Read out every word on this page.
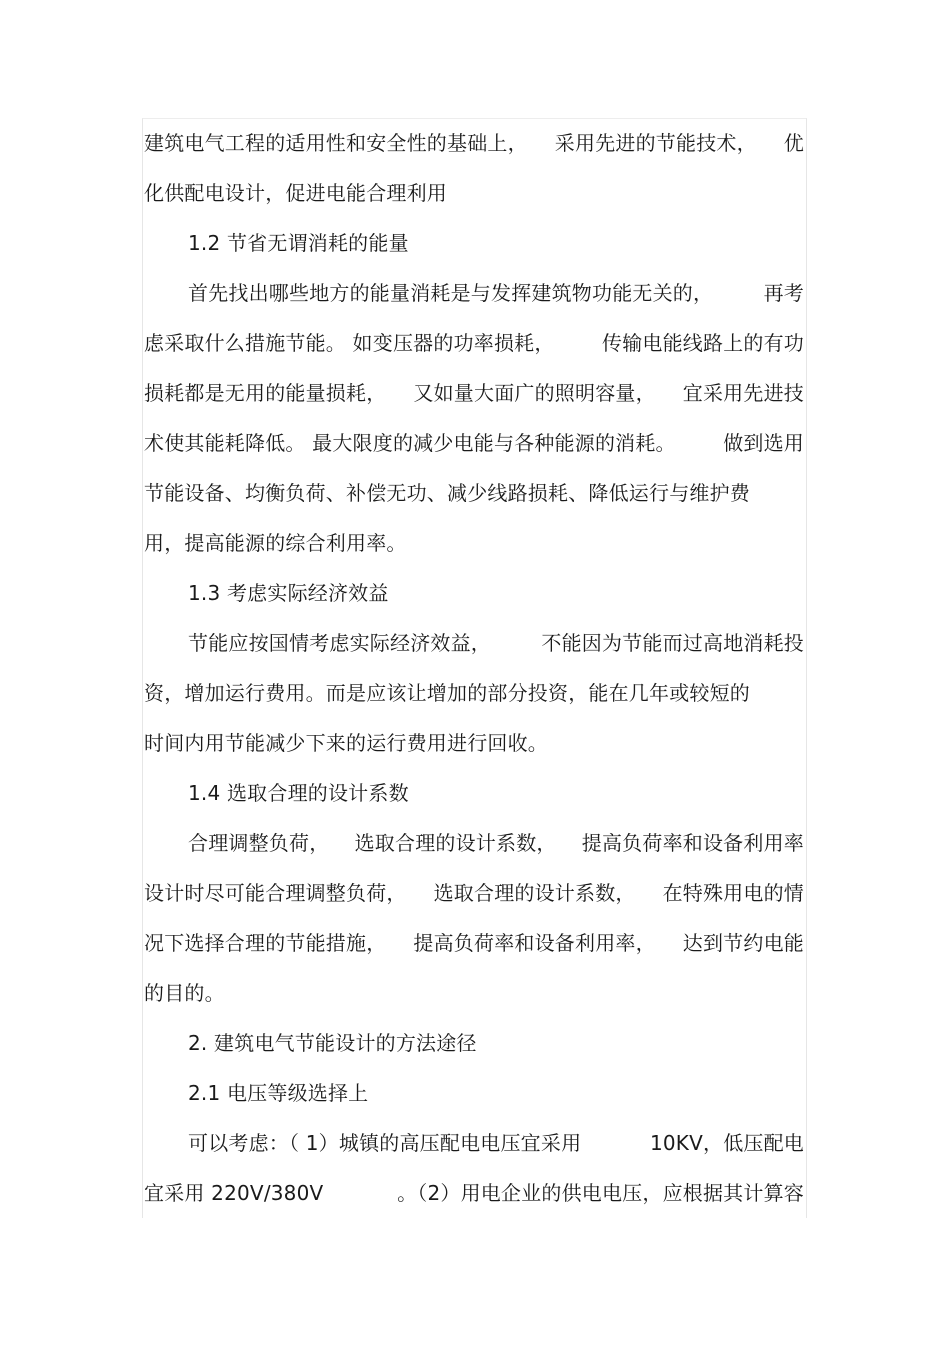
建筑电气工程的适用性和安全性的基础上， 采用先进的节能技术， 优
化供配电设计，促进电能合理利用
1.2 节省无谓消耗的能量
首先找出哪些地方的能量消耗是与发挥建筑物功能无关的，	再考
虑采取什么措施节能。 如变压器的功率损耗， 传输电能线路上的有功
损耗都是无用的能量损耗， 又如量大面广的照明容量， 宜采用先进技
术使其能耗降低。 最大限度的减少电能与各种能源的消耗。 做到选用
节能设备、均衡负荷、补偿无功、减少线路损耗、降低运行与维护费
用，提高能源的综合利用率。
1.3 考虑实际经济效益
节能应按国情考虑实际经济效益，	不能因为节能而过高地消耗投
资，增加运行费用。而是应该让增加的部分投资，能在几年或较短的
时间内用节能减少下来的运行费用进行回收。
1.4 选取合理的设计系数
合理调整负荷， 选取合理的设计系数， 提高负荷率和设备利用率
设计时尽可能合理调整负荷， 选取合理的设计系数， 在特殊用电的情
况下选择合理的节能措施， 提高负荷率和设备利用率， 达到节约电能
的目的。
2. 建筑电气节能设计的方法途径
2.1 电压等级选择上
可以考虑：（ 1）城镇的高压配电电压宜采用	10KV，低压配电
宜采用 220V/380V	。（2）用电企业的供电电压，应根据其计算容
